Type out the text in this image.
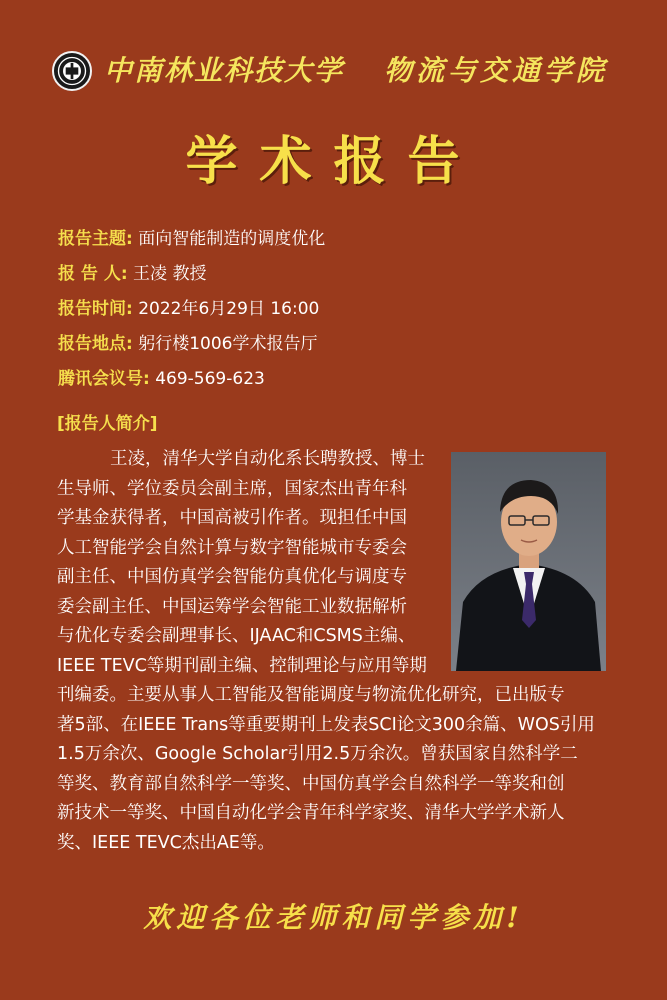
中南林业科技大学	物流与交通学院
学术报告
报告主题: 面向智能制造的调度优化
报 告 人: 王凌 教授
报告时间: 2022年6月29日 16:00
报告地点: 躬行楼1006学术报告厅
腾讯会议号: 469-569-623
[报告人简介]
王凌，清华大学自动化系长聘教授、博士
生导师、学位委员会副主席，国家杰出青年科
学基金获得者，中国高被引作者。现担任中国
人工智能学会自然计算与数字智能城市专委会
副主任、中国仿真学会智能仿真优化与调度专
委会副主任、中国运筹学会智能工业数据解析
与优化专委会副理事长、IJAAC和CSMS主编、
IEEE TEVC等期刊副主编、控制理论与应用等期
刊编委。主要从事人工智能及智能调度与物流优化研究，已出版专
著5部、在IEEE Trans等重要期刊上发表SCI论文300余篇、WOS引用
1.5万余次、Google Scholar引用2.5万余次。曾获国家自然科学二
等奖、教育部自然科学一等奖、中国仿真学会自然科学一等奖和创
新技术一等奖、中国自动化学会青年科学家奖、清华大学学术新人
奖、IEEE TEVC杰出AE等。
欢迎各位老师和同学参加!
